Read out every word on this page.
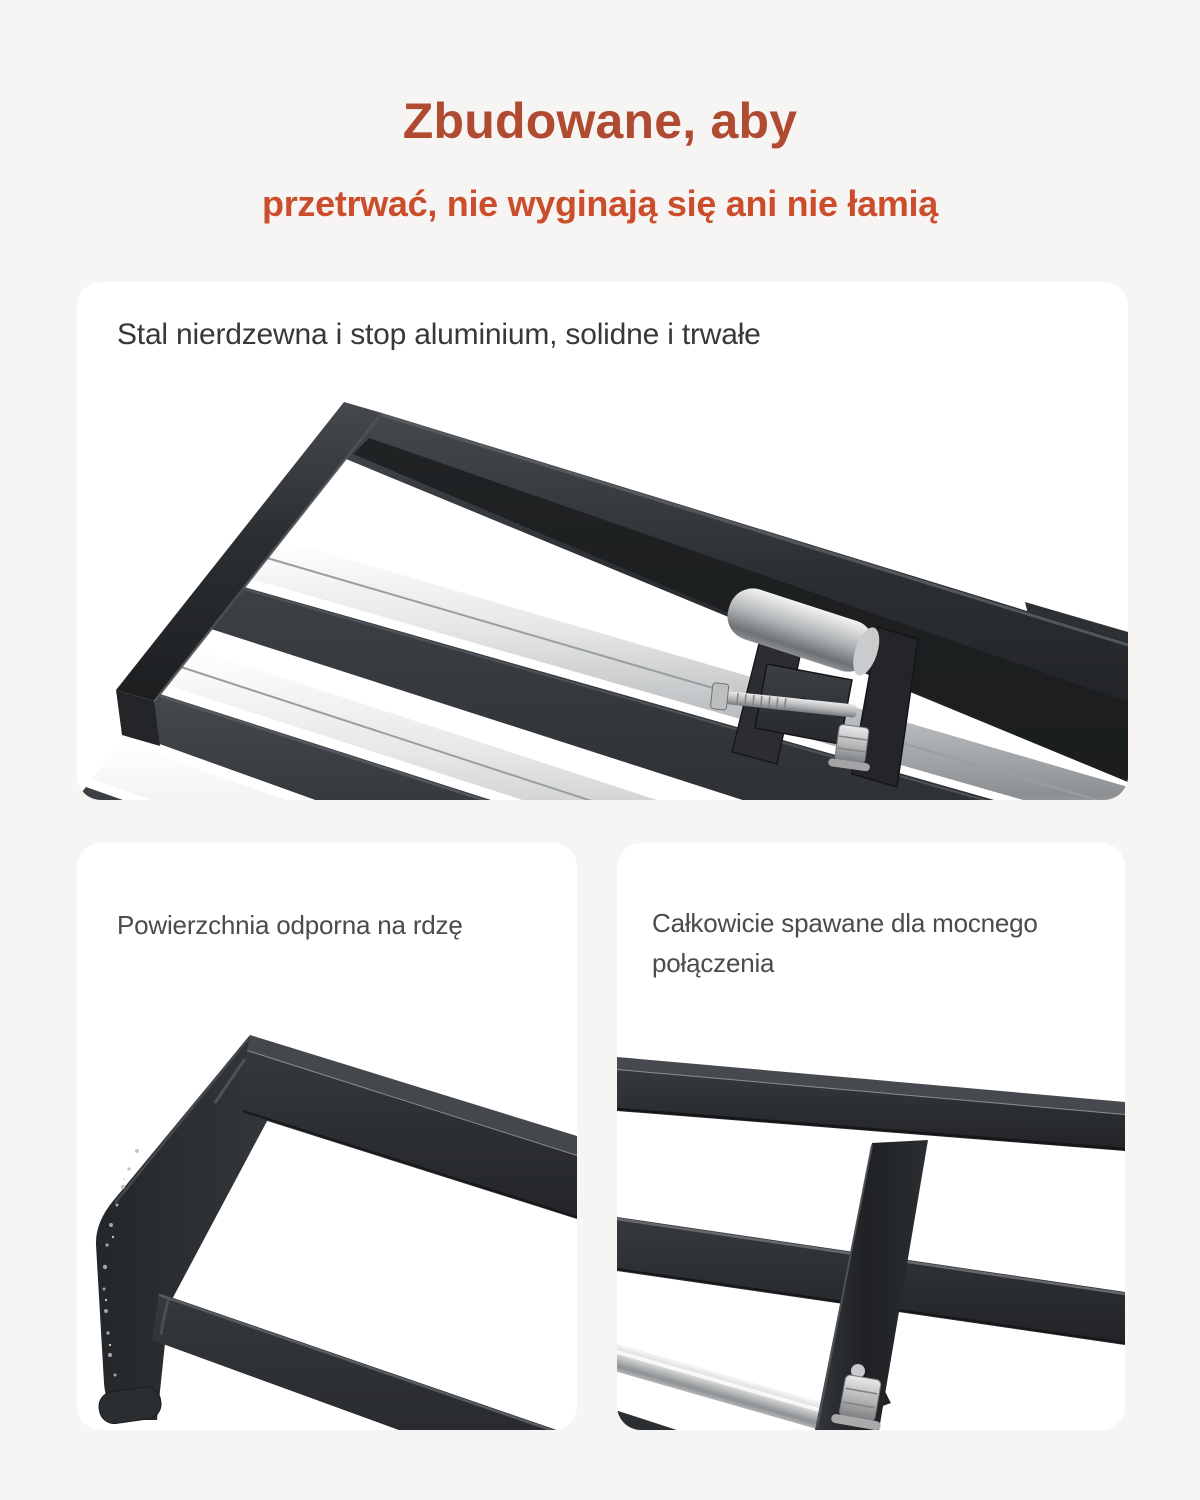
Zbudowane, aby
przetrwać, nie wyginają się ani nie łamią
Stal nierdzewna i stop aluminium, solidne i trwałe
Powierzchnia odporna na rdzę	Całkowicie spawane dla mocnego
połączenia
